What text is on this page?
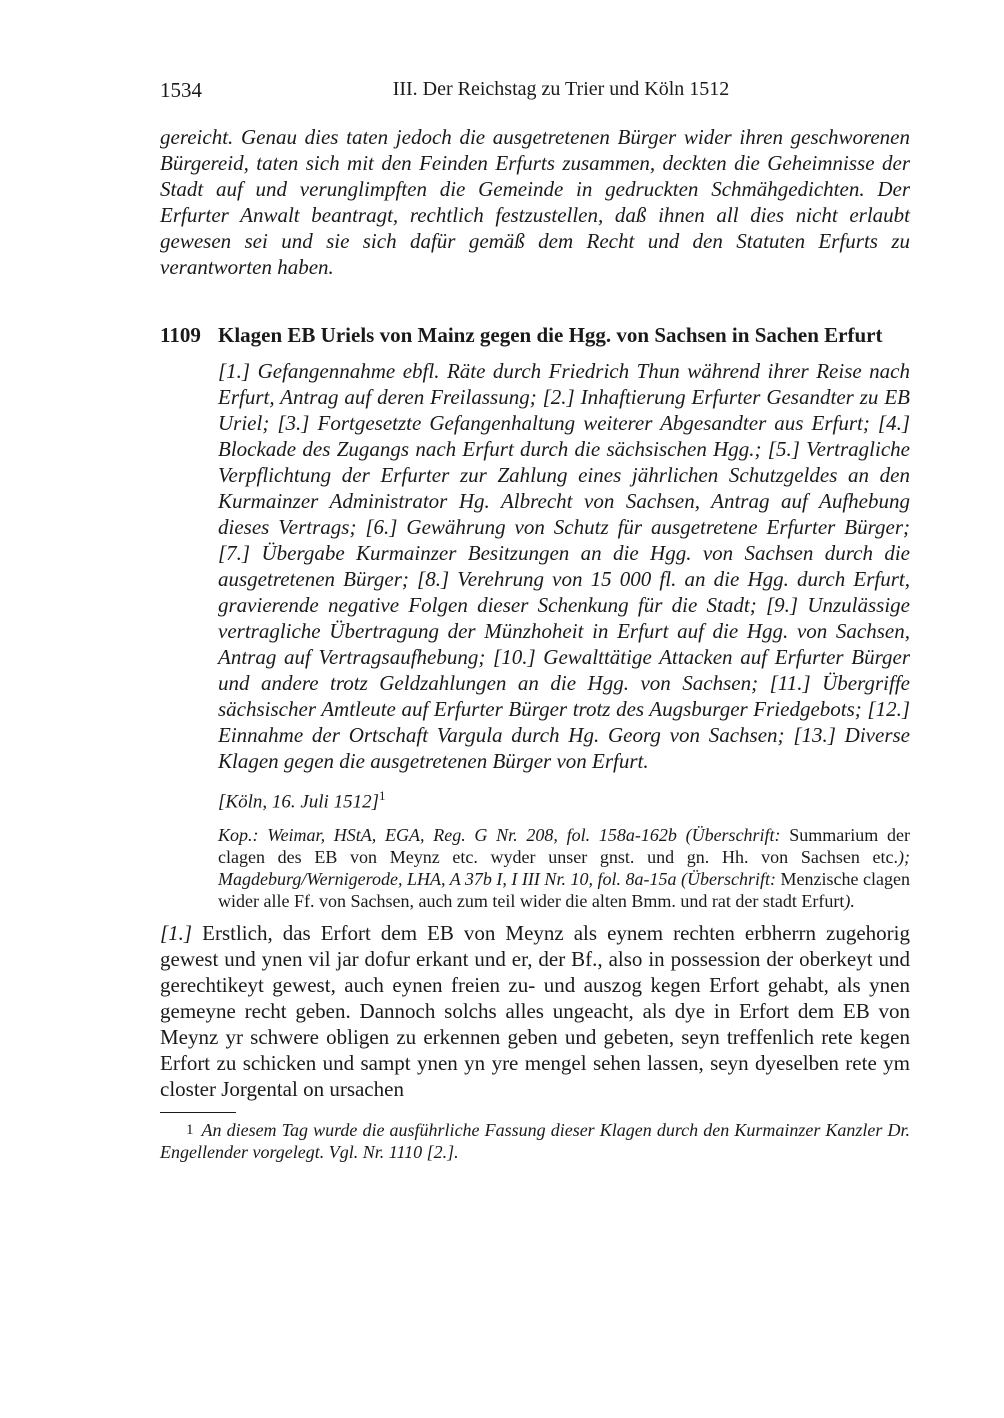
1534	III. Der Reichstag zu Trier und Köln 1512

gereicht. Genau dies taten jedoch die ausgetretenen Bürger wider ihren geschworenen Bürgereid, taten sich mit den Feinden Erfurts zusammen, deckten die Geheimnisse der Stadt auf und verunglimpften die Gemeinde in gedruckten Schmähgedichten. Der Erfurter Anwalt beantragt, rechtlich festzustellen, daß ihnen all dies nicht erlaubt gewesen sei und sie sich dafür gemäß dem Recht und den Statuten Erfurts zu verantworten haben.

1109 Klagen EB Uriels von Mainz gegen die Hgg. von Sachsen in Sachen Erfurt

[1.] Gefangennahme ebfl. Räte durch Friedrich Thun während ihrer Reise nach Erfurt, Antrag auf deren Freilassung; [2.] Inhaftierung Erfurter Gesandter zu EB Uriel; [3.] Fortgesetzte Gefangenhaltung weiterer Abgesandter aus Erfurt; [4.] Blockade des Zugangs nach Erfurt durch die sächsischen Hgg.; [5.] Vertragliche Verpflichtung der Erfurter zur Zahlung eines jährlichen Schutzgeldes an den Kurmainzer Administrator Hg. Albrecht von Sachsen, Antrag auf Aufhebung dieses Vertrags; [6.] Gewährung von Schutz für ausgetretene Erfurter Bürger; [7.] Übergabe Kurmainzer Besitzungen an die Hgg. von Sachsen durch die ausgetretenen Bürger; [8.] Verehrung von 15 000 fl. an die Hgg. durch Erfurt, gravierende negative Folgen dieser Schenkung für die Stadt; [9.] Unzulässige vertragliche Übertragung der Münzhoheit in Erfurt auf die Hgg. von Sachsen, Antrag auf Vertragsaufhebung; [10.] Gewalttätige Attacken auf Erfurter Bürger und andere trotz Geldzahlungen an die Hgg. von Sachsen; [11.] Übergriffe sächsischer Amtleute auf Erfurter Bürger trotz des Augsburger Friedgebots; [12.] Einnahme der Ortschaft Vargula durch Hg. Georg von Sachsen; [13.] Diverse Klagen gegen die ausgetretenen Bürger von Erfurt.

[Köln, 16. Juli 1512]$^1$

Kop.: Weimar, HStA, EGA, Reg. G Nr. 208, fol. 158a-162b (Überschrift: Summarium der clagen des EB von Meynz etc. wyder unser gnst. und gn. Hh. von Sachsen etc.); Magdeburg/Wernigerode, LHA, A 37b I, I III Nr. 10, fol. 8a-15a (Überschrift: Menzische clagen wider alle Ff. von Sachsen, auch zum teil wider die alten Bmm. und rat der stadt Erfurt).

[1.] Erstlich, das Erfort dem EB von Meynz als eynem rechten erbherrn zugehorig gewest und ynen vil jar dofur erkant und er, der Bf., also in possession der oberkeyt und gerechtikeyt gewest, auch eynen freien zu- und auszog kegen Erfort gehabt, als ynen gemeyne recht geben. Dannoch solchs alles ungeacht, als dye in Erfort dem EB von Meynz yr schwere obligen zu erkennen geben und gebeten, seyn treffenlich rete kegen Erfort zu schicken und sampt ynen yn yre mengel sehen lassen, seyn dyeselben rete ym closter Jorgental on ursachen

1 An diesem Tag wurde die ausführliche Fassung dieser Klagen durch den Kurmainzer Kanzler Dr. Engellender vorgelegt. Vgl. Nr. 1110 [2.].
